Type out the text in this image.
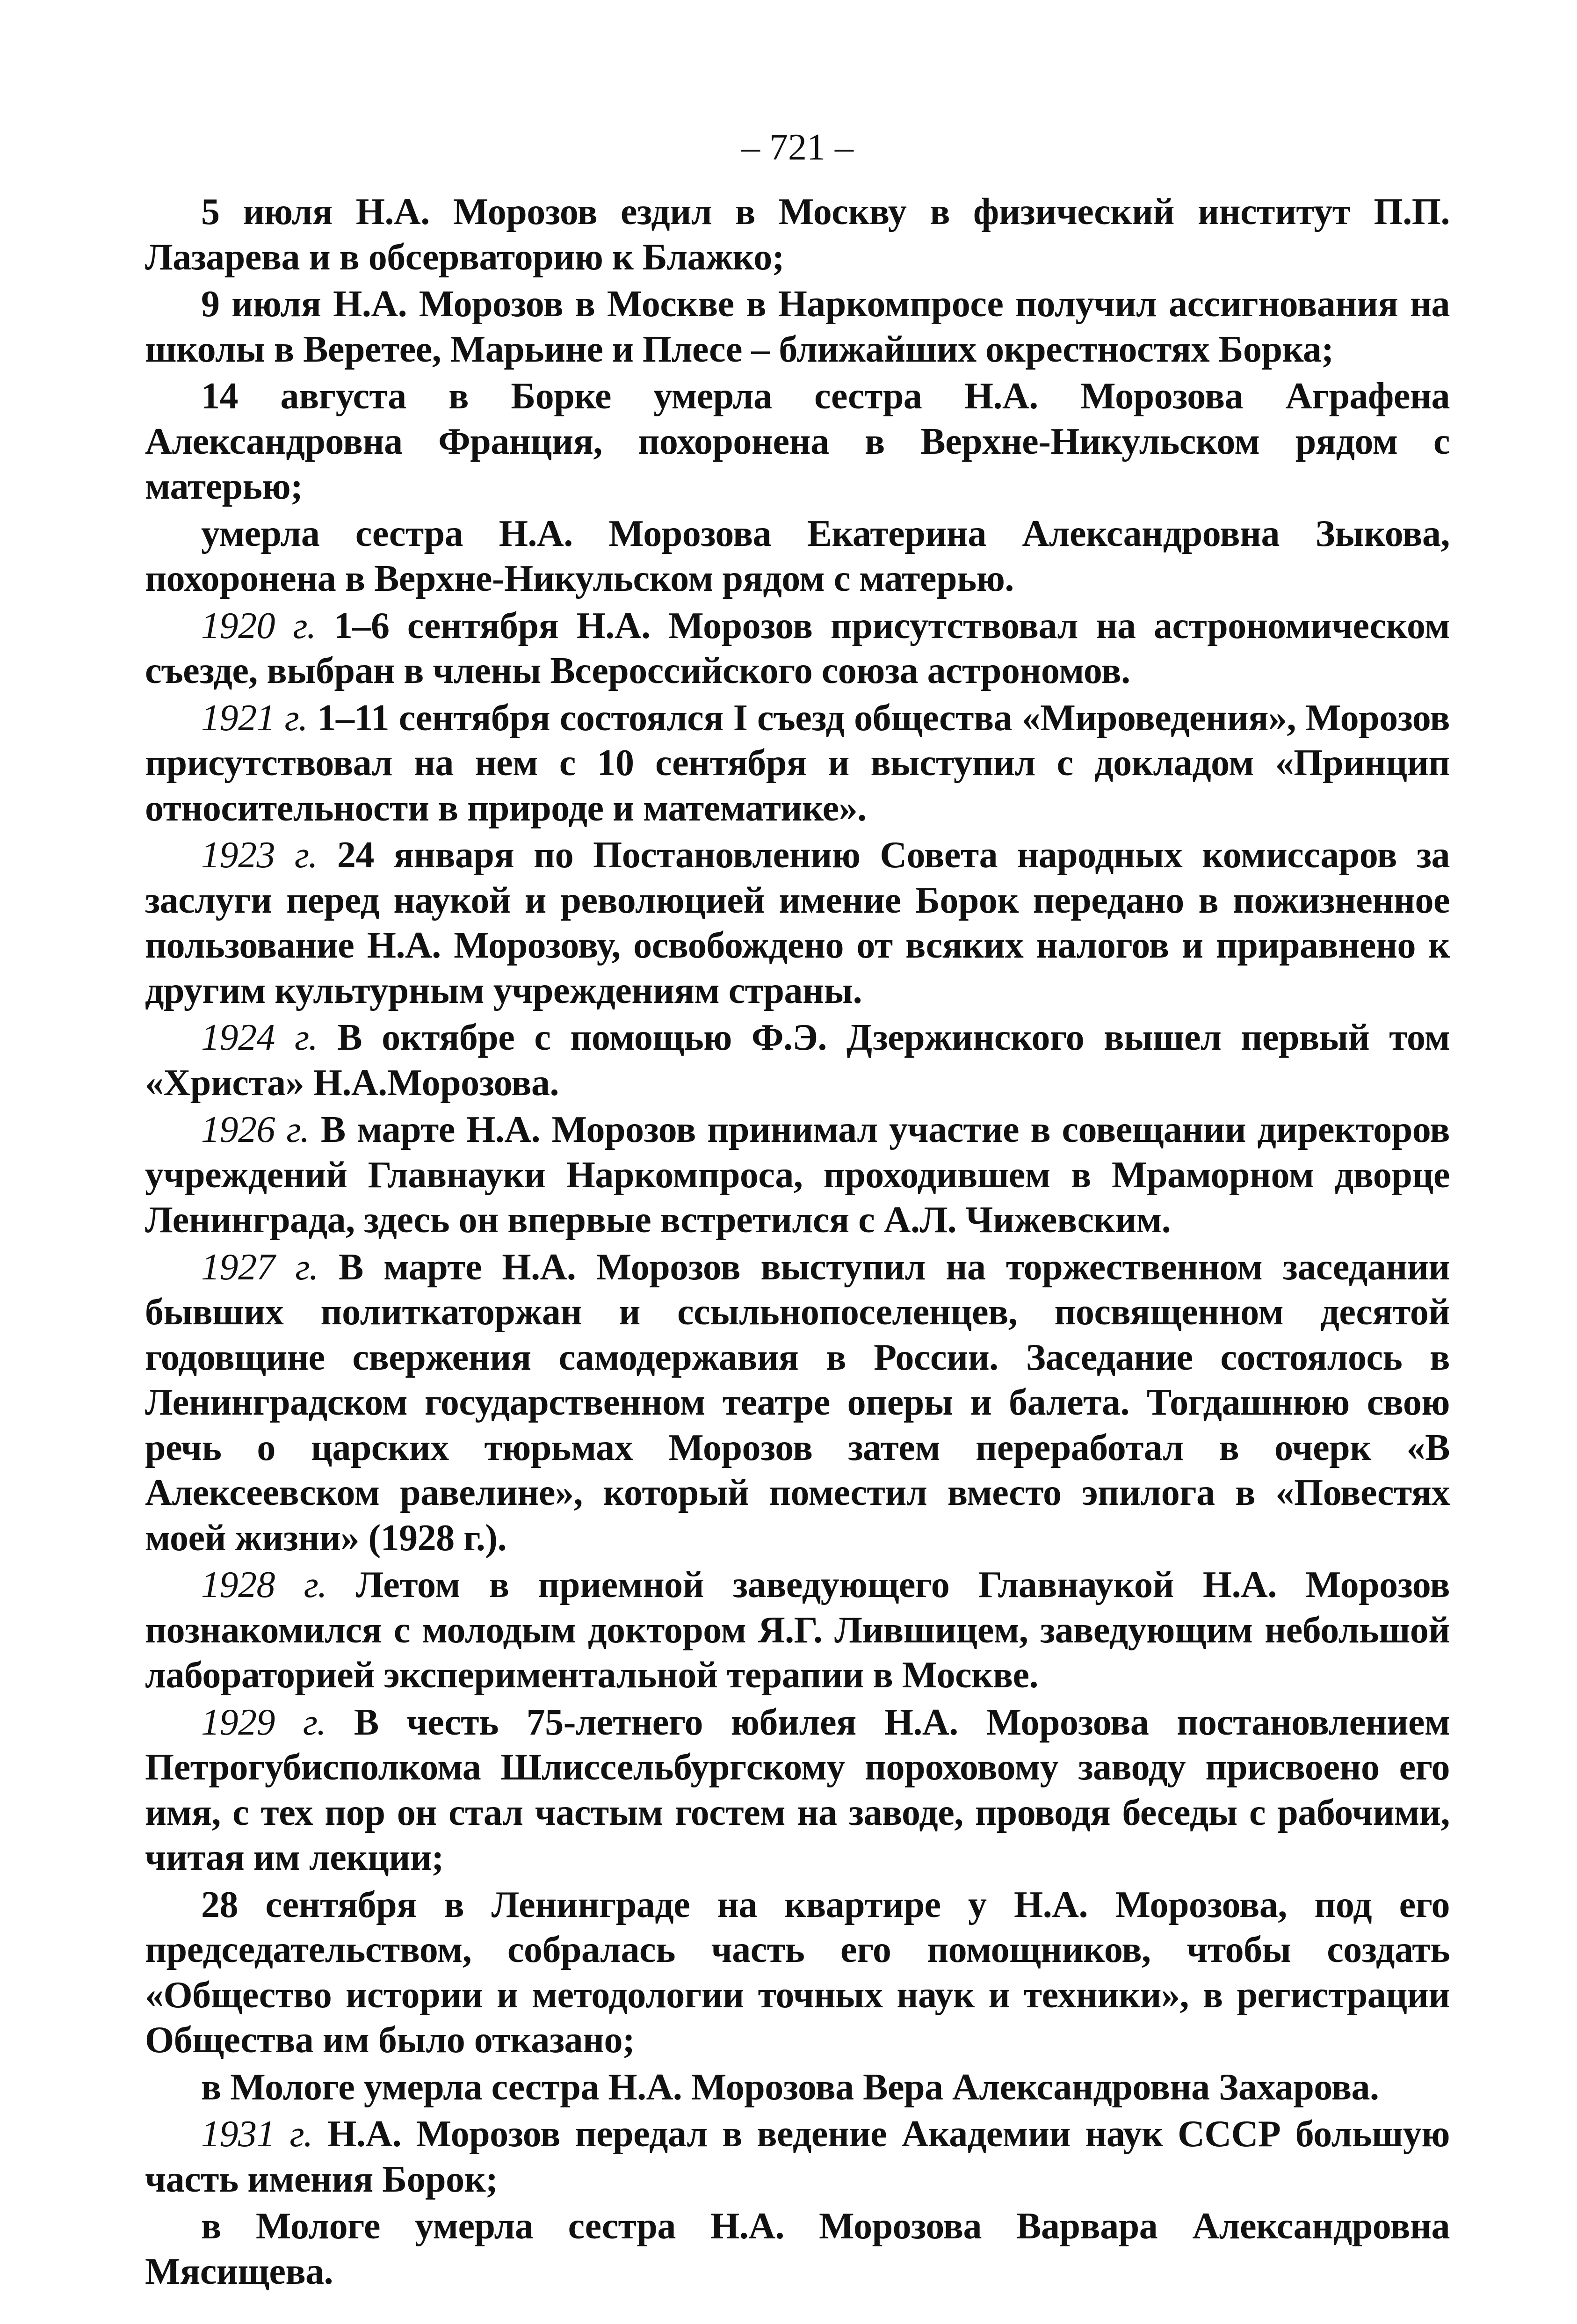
– 721 –

5 июля Н.А. Морозов ездил в Москву в физический институт П.П. Лазарева и в обсерваторию к Блажко;

9 июля Н.А. Морозов в Москве в Наркомпросе получил ассигнования на школы в Веретее, Марьине и Плесе – ближайших окрестностях Борка;

14 августа в Борке умерла сестра Н.А. Морозова Аграфена Александровна Франция, похоронена в Верхне-Никульском рядом с матерью;

умерла сестра Н.А. Морозова Екатерина Александровна Зыкова, похоронена в Верхне-Никульском рядом с матерью.

1920 г. 1–6 сентября Н.А. Морозов присутствовал на астрономическом съезде, выбран в члены Всероссийского союза астрономов.

1921 г. 1–11 сентября состоялся I съезд общества «Мироведения», Морозов присутствовал на нем с 10 сентября и выступил с докладом «Принцип относительности в природе и математике».

1923 г. 24 января по Постановлению Совета народных комиссаров за заслуги перед наукой и революцией имение Борок передано в пожизненное пользование Н.А. Морозову, освобождено от всяких налогов и приравнено к другим культурным учреждениям страны.

1924 г. В октябре с помощью Ф.Э. Дзержинского вышел первый том «Христа» Н.А.Морозова.

1926 г. В марте Н.А. Морозов принимал участие в совещании директоров учреждений Главнауки Наркомпроса, проходившем в Мраморном дворце Ленинграда, здесь он впервые встретился с А.Л. Чижевским.

1927 г. В марте Н.А. Морозов выступил на торжественном заседании бывших политкаторжан и ссыльнопоселенцев, посвященном десятой годовщине свержения самодержавия в России. Заседание состоялось в Ленинградском государственном театре оперы и балета. Тогдашнюю свою речь о царских тюрьмах Морозов затем переработал в очерк «В Алексеевском равелине», который поместил вместо эпилога в «Повестях моей жизни» (1928 г.).

1928 г. Летом в приемной заведующего Главнаукой Н.А. Морозов познакомился с молодым доктором Я.Г. Лившицем, заведующим небольшой лабораторией экспериментальной терапии в Москве.

1929 г. В честь 75-летнего юбилея Н.А. Морозова постановлением Петрогубисполкома Шлиссельбургскому пороховому заводу присвоено его имя, с тех пор он стал частым гостем на заводе, проводя беседы с рабочими, читая им лекции;

28 сентября в Ленинграде на квартире у Н.А. Морозова, под его председательством, собралась часть его помощников, чтобы создать «Общество истории и методологии точных наук и техники», в регистрации Общества им было отказано;

в Мологе умерла сестра Н.А. Морозова Вера Александровна Захарова.

1931 г. Н.А. Морозов передал в ведение Академии наук СССР большую часть имения Борок;

в Мологе умерла сестра Н.А. Морозова Варвара Александровна Мясищева.
